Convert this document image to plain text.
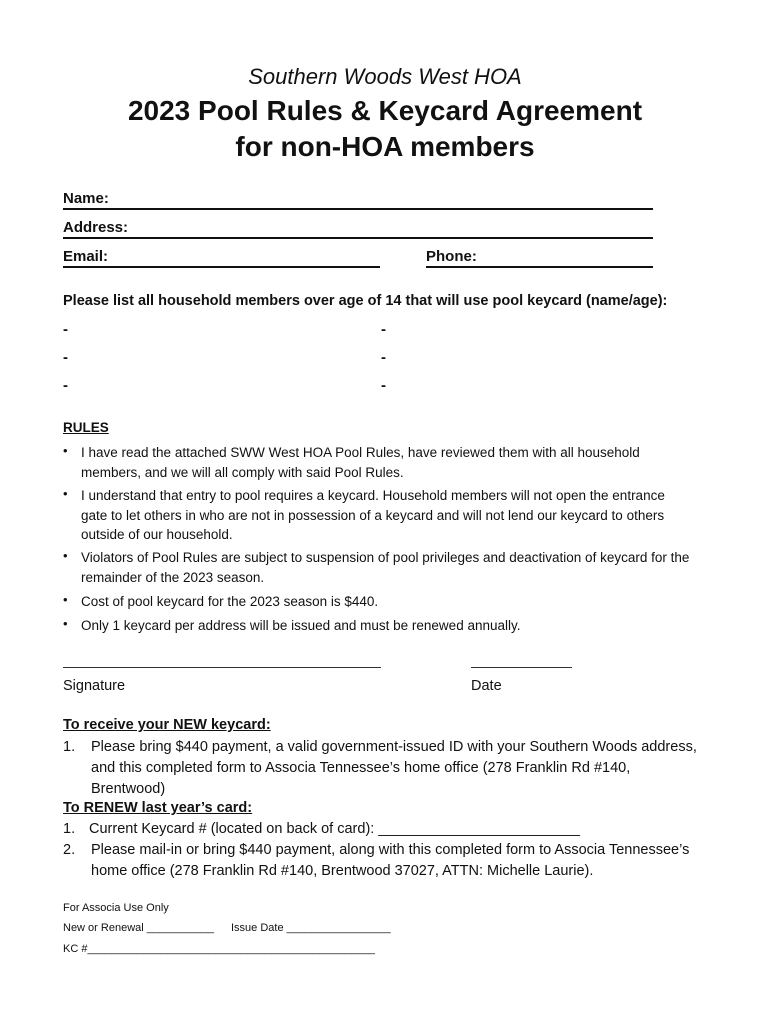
Southern Woods West HOA
2023 Pool Rules & Keycard Agreement
for non-HOA members
Name:
Address:
Email:	Phone:
Please list all household members over age of 14 that will use pool keycard (name/age):
-	-
-	-
-	-
RULES
• I have read the attached SWW West HOA Pool Rules, have reviewed them with all household members, and we will all comply with said Pool Rules.
• I understand that entry to pool requires a keycard. Household members will not open the entrance gate to let others in who are not in possession of a keycard and will not lend our keycard to others outside of our household.
• Violators of Pool Rules are subject to suspension of pool privileges and deactivation of keycard for the remainder of the 2023 season.
• Cost of pool keycard for the 2023 season is $440.
• Only 1 keycard per address will be issued and must be renewed annually.
Signature	Date
To receive your NEW keycard:
1. Please bring $440 payment, a valid government-issued ID with your Southern Woods address, and this completed form to Associa Tennessee’s home office (278 Franklin Rd #140, Brentwood)
To RENEW last year’s card:
1. Current Keycard # (located on back of card): _________________________
2. Please mail-in or bring $440 payment, along with this completed form to Associa Tennessee’s home office (278 Franklin Rd #140, Brentwood 37027, ATTN: Michelle Laurie).
For Associa Use Only
New or Renewal ___________ Issue Date _________________
KC #_______________________________________________
